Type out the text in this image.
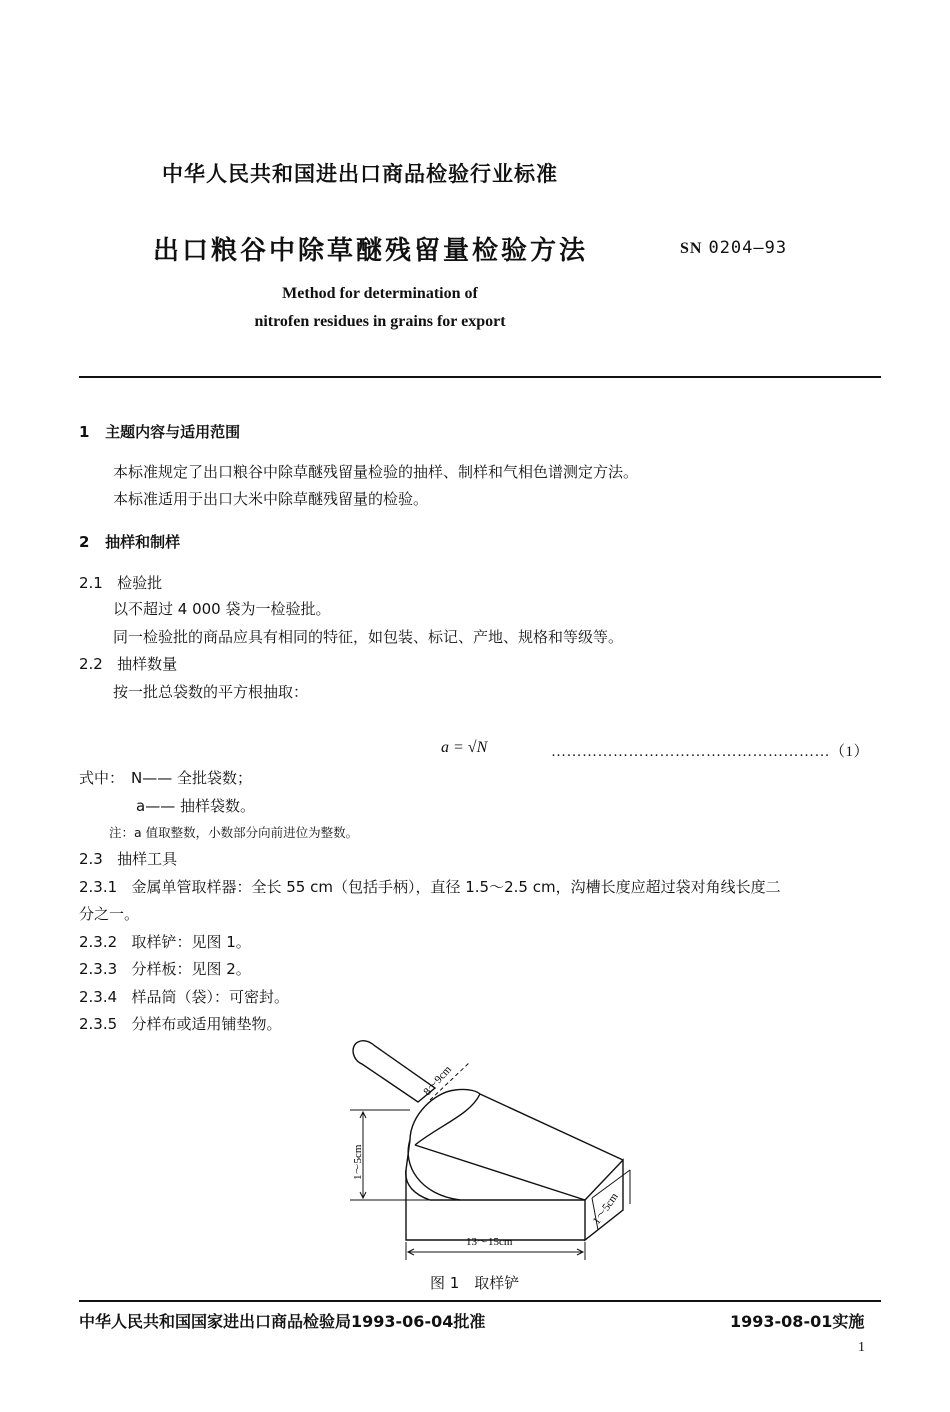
中华人民共和国进出口商品检验行业标准
出口粮谷中除草醚残留量检验方法	SN 0204—93
Method for determination of
nitrofen residues in grains for export
1 主题内容与适用范围
本标准规定了出口粮谷中除草醚残留量检验的抽样、制样和气相色谱测定方法。
本标准适用于出口大米中除草醚残留量的检验。
2 抽样和制样
2.1 检验批
以不超过 4 000 袋为一检验批。
同一检验批的商品应具有相同的特征，如包装、标记、产地、规格和等级等。
2.2 抽样数量
按一批总袋数的平方根抽取：
a = √N	………………………………………………（1）
式中： N—— 全批袋数；
a—— 抽样袋数。
注：a 值取整数，小数部分向前进位为整数。
2.3 抽样工具
2.3.1 金属单管取样器：全长 55 cm（包括手柄），直径 1.5～2.5 cm，沟槽长度应超过袋对角线长度二
分之一。
2.3.2 取样铲：见图 1。
2.3.3 分样板：见图 2。
2.3.4 样品筒（袋）：可密封。
2.3.5 分样布或适用铺垫物。
1～5cm
8～9cm
1～5cm
13～15cm
图 1　取样铲
中华人民共和国国家进出口商品检验局1993-06-04批准	1993-08-01实施
1
